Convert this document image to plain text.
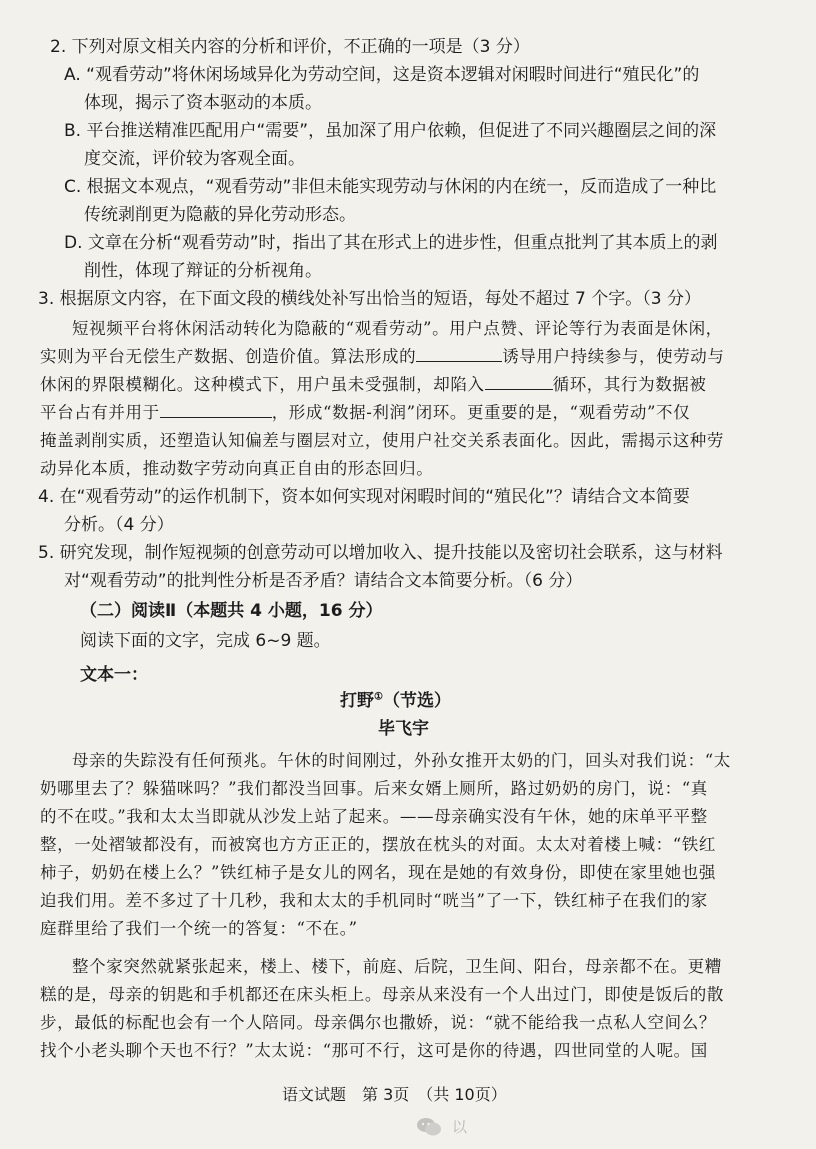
2. 下列对原文相关内容的分析和评价，不正确的一项是（3 分）
A. “观看劳动”将休闲场域异化为劳动空间，这是资本逻辑对闲暇时间进行“殖民化”的
体现，揭示了资本驱动的本质。
B. 平台推送精准匹配用户“需要”，虽加深了用户依赖，但促进了不同兴趣圈层之间的深
度交流，评价较为客观全面。
C. 根据文本观点，“观看劳动”非但未能实现劳动与休闲的内在统一，反而造成了一种比
传统剥削更为隐蔽的异化劳动形态。
D. 文章在分析“观看劳动”时，指出了其在形式上的进步性，但重点批判了其本质上的剥
削性，体现了辩证的分析视角。
3. 根据原文内容，在下面文段的横线处补写出恰当的短语，每处不超过 7 个字。（3 分）
短视频平台将休闲活动转化为隐蔽的“观看劳动”。用户点赞、评论等行为表面是休闲，
实则为平台无偿生产数据、创造价值。算法形成的	诱导用户持续参与，使劳动与
休闲的界限模糊化。这种模式下，用户虽未受强制，却陷入	循环，其行为数据被
平台占有并用于	，形成“数据-利润”闭环。更重要的是，“观看劳动”不仅
掩盖剥削实质，还塑造认知偏差与圈层对立，使用户社交关系表面化。因此，需揭示这种劳
动异化本质，推动数字劳动向真正自由的形态回归。
4. 在“观看劳动”的运作机制下，资本如何实现对闲暇时间的“殖民化”？请结合文本简要
分析。（4 分）
5. 研究发现，制作短视频的创意劳动可以增加收入、提升技能以及密切社会联系，这与材料
对“观看劳动”的批判性分析是否矛盾？请结合文本简要分析。（6 分）
（二）阅读Ⅱ（本题共 4 小题，16 分）
阅读下面的文字，完成 6~9 题。
文本一：
打野①（节选）
毕飞宇
母亲的失踪没有任何预兆。午休的时间刚过，外孙女推开太奶的门，回头对我们说：“太
奶哪里去了？躲猫咪吗？”我们都没当回事。后来女婿上厕所，路过奶奶的房门，说：“真
的不在哎。”我和太太当即就从沙发上站了起来。——母亲确实没有午休，她的床单平平整
整，一处褶皱都没有，而被窝也方方正正的，摆放在枕头的对面。太太对着楼上喊：“铁红
柿子，奶奶在楼上么？”铁红柿子是女儿的网名，现在是她的有效身份，即使在家里她也强
迫我们用。差不多过了十几秒，我和太太的手机同时“咣当”了一下，铁红柿子在我们的家
庭群里给了我们一个统一的答复：“不在。”
整个家突然就紧张起来，楼上、楼下，前庭、后院，卫生间、阳台，母亲都不在。更糟
糕的是，母亲的钥匙和手机都还在床头柜上。母亲从来没有一个人出过门，即使是饭后的散
步，最低的标配也会有一个人陪同。母亲偶尔也撒娇，说：“就不能给我一点私人空间么？
找个小老头聊个天也不行？”太太说：“那可不行，这可是你的待遇，四世同堂的人呢。国
语文试题　第 3页　（共 10页）
以
